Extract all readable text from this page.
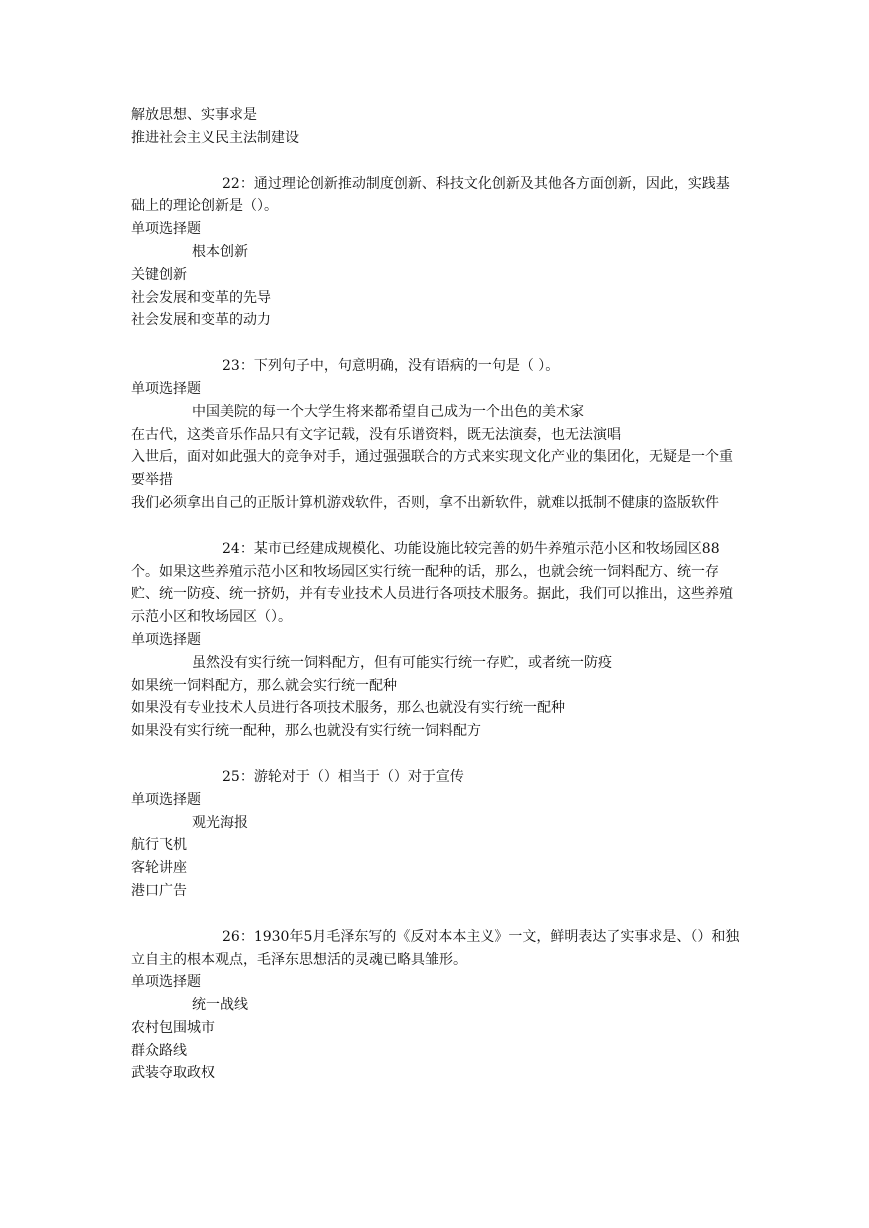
解放思想、实事求是
推进社会主义民主法制建设
22：通过理论创新推动制度创新、科技文化创新及其他各方面创新，因此，实践基础上的理论创新是（）。
单项选择题
根本创新
关键创新
社会发展和变革的先导
社会发展和变革的动力
23：下列句子中，句意明确，没有语病的一句是（ ）。
单项选择题
中国美院的每一个大学生将来都希望自己成为一个出色的美术家
在古代，这类音乐作品只有文字记载，没有乐谱资料，既无法演奏，也无法演唱
入世后，面对如此强大的竞争对手，通过强强联合的方式来实现文化产业的集团化，无疑是一个重要举措
我们必须拿出自己的正版计算机游戏软件，否则，拿不出新软件，就难以抵制不健康的盗版软件
24：某市已经建成规模化、功能设施比较完善的奶牛养殖示范小区和牧场园区88个。如果这些养殖示范小区和牧场园区实行统一配种的话，那么，也就会统一饲料配方、统一存贮、统一防疫、统一挤奶，并有专业技术人员进行各项技术服务。据此，我们可以推出，这些养殖示范小区和牧场园区（）。
单项选择题
虽然没有实行统一饲料配方，但有可能实行统一存贮，或者统一防疫
如果统一饲料配方，那么就会实行统一配种
如果没有专业技术人员进行各项技术服务，那么也就没有实行统一配种
如果没有实行统一配种，那么也就没有实行统一饲料配方
25：游轮对于（）相当于（）对于宣传
单项选择题
观光海报
航行飞机
客轮讲座
港口广告
26：1930年5月毛泽东写的《反对本本主义》一文，鲜明表达了实事求是、（）和独立自主的根本观点，毛泽东思想活的灵魂已略具雏形。
单项选择题
统一战线
农村包围城市
群众路线
武装夺取政权
